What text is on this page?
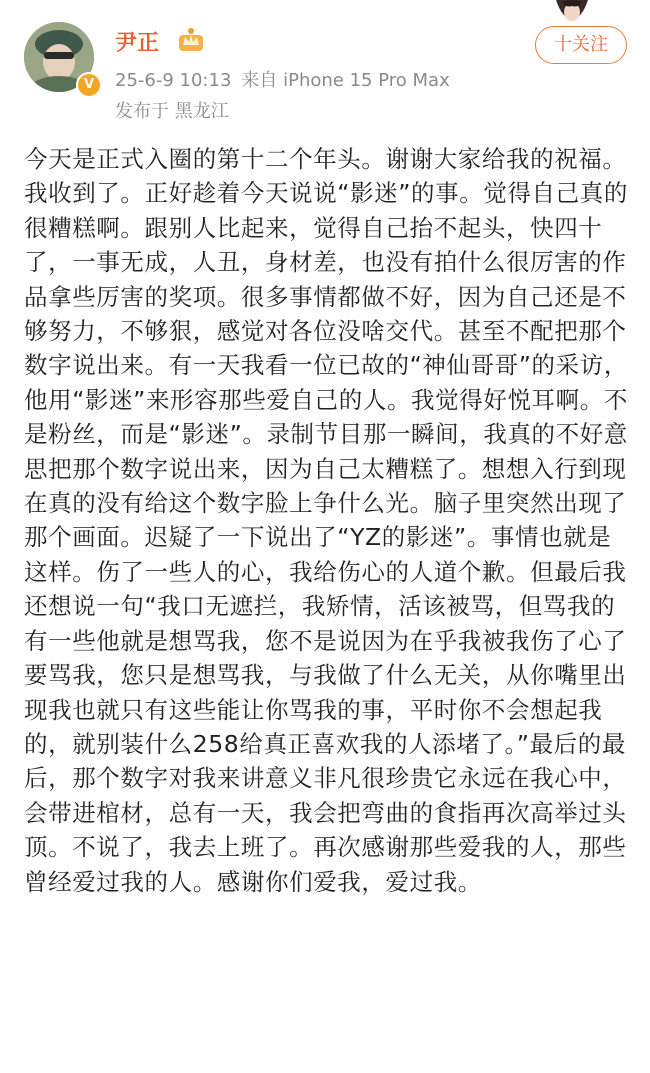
V
尹正
25-6-9 10:13 来自 iPhone 15 Pro Max
发布于 黑龙江
十关注
今天是正式入圈的第十二个年头。谢谢大家给我的祝福。我收到了。正好趁着今天说说“影迷”的事。觉得自己真的很糟糕啊。跟别人比起来，觉得自己抬不起头，快四十了，一事无成，人丑，身材差，也没有拍什么很厉害的作品拿些厉害的奖项。很多事情都做不好，因为自己还是不够努力，不够狠，感觉对各位没啥交代。甚至不配把那个数字说出来。有一天我看一位已故的“神仙哥哥”的采访，他用“影迷”来形容那些爱自己的人。我觉得好悦耳啊。不是粉丝，而是“影迷”。录制节目那一瞬间，我真的不好意思把那个数字说出来，因为自己太糟糕了。想想入行到现在真的没有给这个数字脸上争什么光。脑子里突然出现了那个画面。迟疑了一下说出了“YZ的影迷”。事情也就是这样。伤了一些人的心，我给伤心的人道个歉。但最后我还想说一句“我口无遮拦，我矫情，活该被骂，但骂我的有一些他就是想骂我，您不是说因为在乎我被我伤了心了要骂我，您只是想骂我，与我做了什么无关，从你嘴里出现我也就只有这些能让你骂我的事，平时你不会想起我的，就别装什么258给真正喜欢我的人添堵了。”最后的最后，那个数字对我来讲意义非凡很珍贵它永远在我心中，会带进棺材，总有一天，我会把弯曲的食指再次高举过头顶。不说了，我去上班了。再次感谢那些爱我的人，那些曾经爱过我的人。感谢你们爱我，爱过我。
